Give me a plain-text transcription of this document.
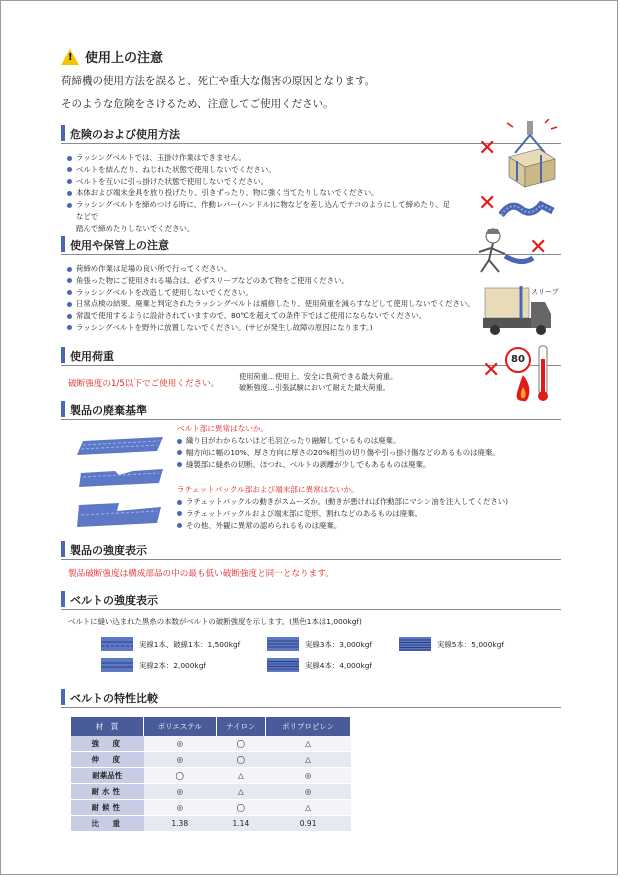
! 使用上の注意
荷締機の使用方法を誤ると、死亡や重大な傷害の原因となります。
そのような危険をさけるため、注意してご使用ください。
危険のおよび使用方法
ラッシングベルトでは、玉掛け作業はできません。
ベルトを結んだり、ねじれた状態で使用しないでください。
ベルトを互いに引っ掛けた状態で使用しないでください。
本体および端末金具を放り投げたり、引きずったり、物に強く当てたりしないでください。
ラッシングベルトを締めつける時に、作動レバー(ハンドル)に物などを差し込んでテコのようにして締めたり、足などで
踏んで締めたりしないでください。
✕
✕
使用や保管上の注意
荷締め作業は足場の良い所で行ってください。
角張った物にご使用される場合は、必ずスリーブなどのあて物をご使用ください。
ラッシングベルトを改造して使用しないでください。
日常点検の結果、廃棄と判定されたラッシングベルトは補修したり、使用荷重を減らすなどして使用しないでください。
常温で使用するように設計されていますので、80℃を超えての条件下ではご使用にならないでください。
ラッシングベルトを野外に放置しないでください。(サビが発生し故障の原因になります。)
✕
スリーブ
使用荷重
破断強度の1/5以下でご使用ください。
使用荷重…使用上、安全に負荷できる最大荷重。
破断強度…引張試験において耐えた最大荷重。
✕	80
製品の廃棄基準
ベルト部に異常はないか。
織り目がわからないほど毛羽立ったり融解しているものは廃棄。
幅方向に幅の10%、厚さ方向に厚さの20%相当の切り傷や引っ掛け傷などのあるものは廃棄。
縫製部に縫糸の切断、ほつれ、ベルトの剥離が少しでもあるものは廃棄。
ラチェットバックル部および端末部に異常はないか。
ラチェットバックルの動きがスムーズか。(動きが悪ければ作動部にマシン油を注入してください)
ラチェットバックルおよび端末部に変形、割れなどのあるものは廃棄。
その他、外観に異常の認められるものは廃棄。
製品の強度表示
製品破断強度は構成部品の中の最も低い破断強度と同一となります。
ベルトの強度表示
ベルトに縫い込まれた黒糸の本数がベルトの破断強度を示します。(黒色1本は1,000kgf)
実線1本、破線1本：1,500kgf	実線3本：3,000kgf	実線5本：5,000kgf
実線2本：2,000kgf	実線4本：4,000kgf
ベルトの特性比較
材　質	ポリエステル	ナイロン	ポリプロピレン
強　度	◎	◯	△
伸　度	◎	◯	△
耐薬品性	◯	△	◎
耐水性	◎	△	◎
耐候性	◎	◯	△
比　重	1.38	1.14	0.91
